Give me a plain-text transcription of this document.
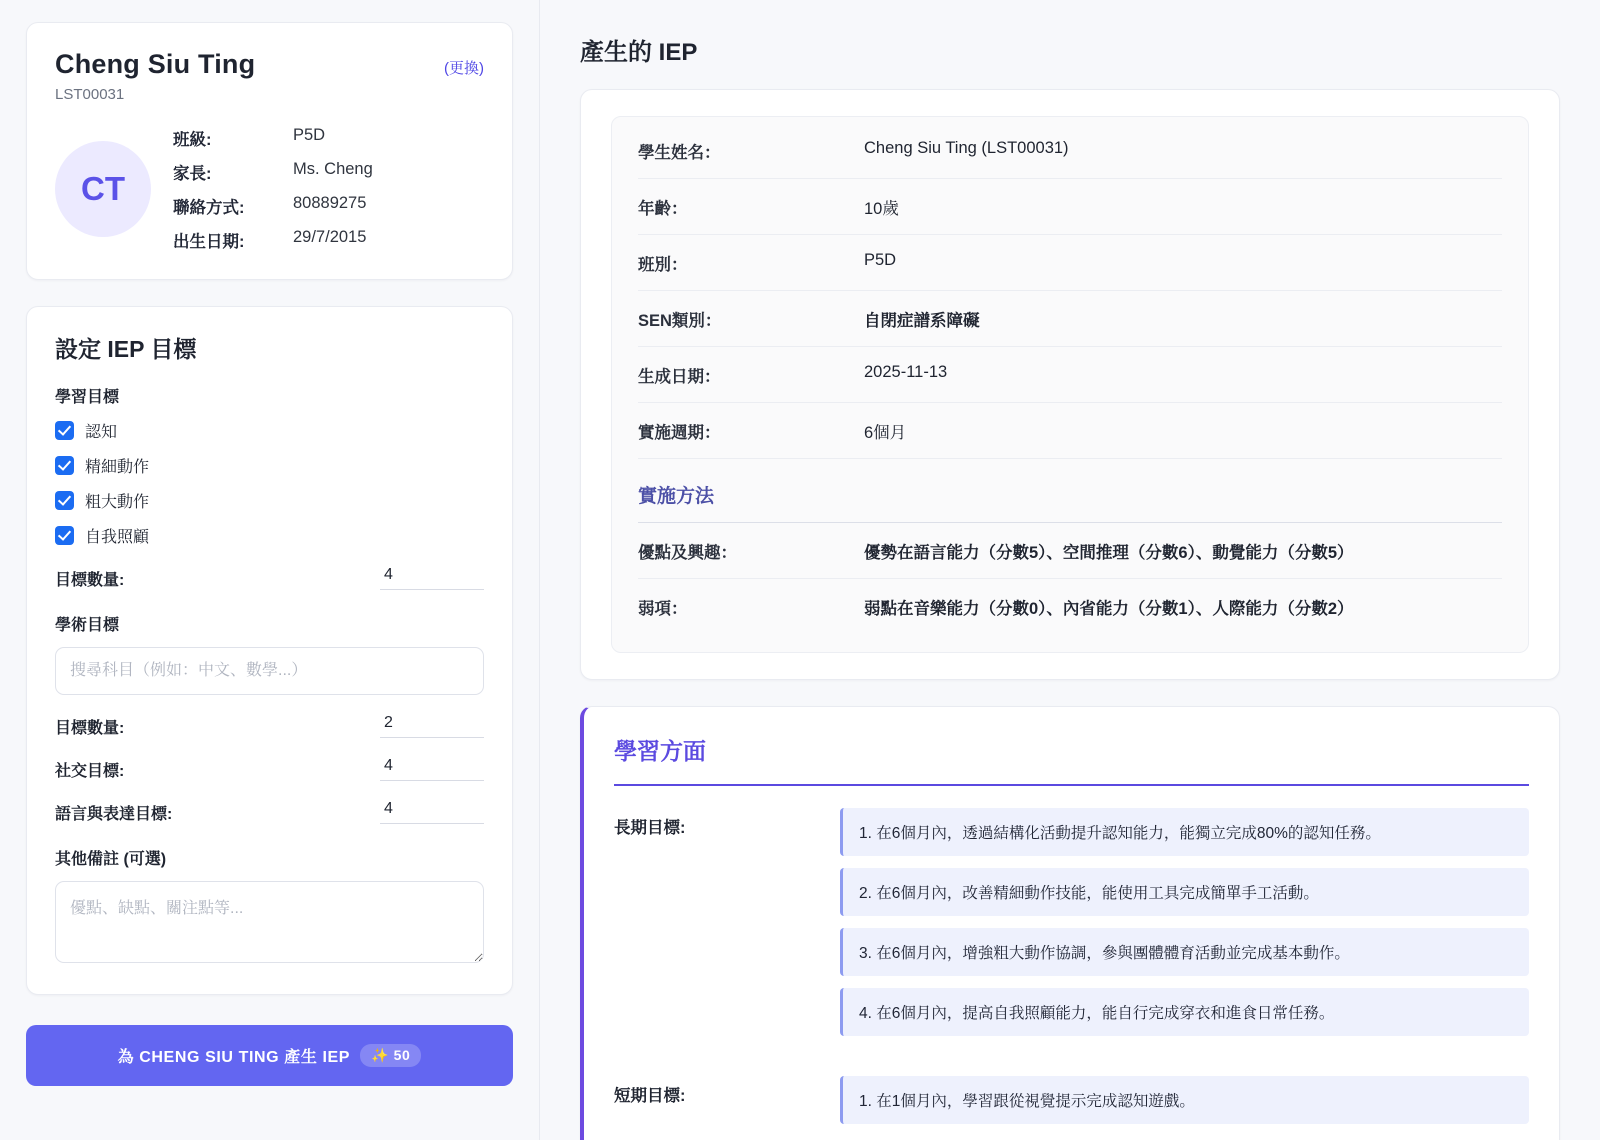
Cheng Siu Ting
LST00031
(更換)
CT
班級:	P5D
家長:	Ms. Cheng
聯絡方式:	80889275
出生日期:	29/7/2015
設定 IEP 目標
學習目標
認知
精細動作
粗大動作
自我照顧
目標數量:
4
學術目標
搜尋科目（例如：中文、數學...）
目標數量:
2
社交目標:
4
語言與表達目標:
4
其他備註 (可選)
優點、缺點、關注點等...
為 CHENG SIU TING 產生 IEP	✨ 50
產生的 IEP
學生姓名：	Cheng Siu Ting (LST00031)
年齡：	10歲
班別：	P5D
SEN類別：	自閉症譜系障礙
生成日期：	2025-11-13
實施週期：	6個月
實施方法
優點及興趣：	優勢在語言能力（分數5）、空間推理（分數6）、動覺能力（分數5）
弱項：	弱點在音樂能力（分數0）、內省能力（分數1）、人際能力（分數2）
學習方面
長期目標:	1. 在6個月內，透過結構化活動提升認知能力，能獨立完成80%的認知任務。
2. 在6個月內，改善精細動作技能，能使用工具完成簡單手工活動。
3. 在6個月內，增強粗大動作協調，參與團體體育活動並完成基本動作。
4. 在6個月內，提高自我照顧能力，能自行完成穿衣和進食日常任務。
短期目標:	1. 在1個月內，學習跟從視覺提示完成認知遊戲。
